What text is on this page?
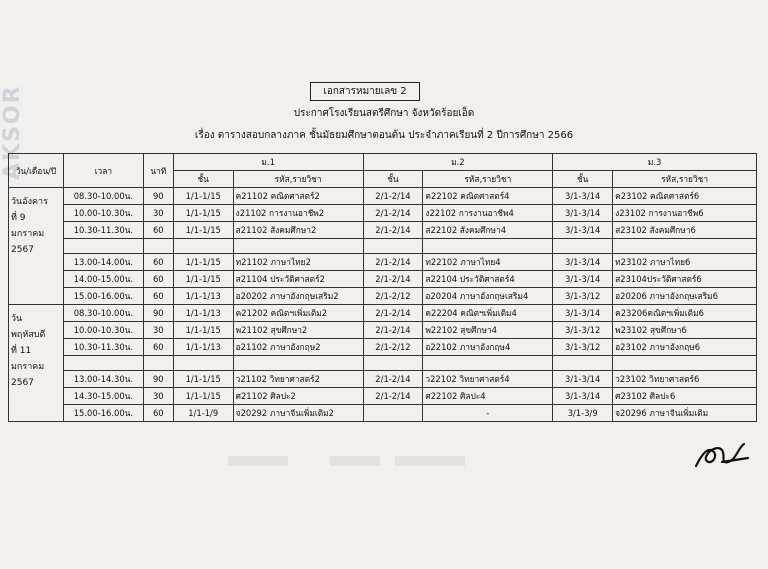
AKSOR	เอกสารหมายเลข 2
ประกาศโรงเรียนสตรีศึกษา จังหวัดร้อยเอ็ด
เรื่อง ตารางสอบกลางภาค ชั้นมัธยมศึกษาตอนต้น ประจำภาคเรียนที่ 2 ปีการศึกษา 2566
วัน/เดือน/ปี	เวลา	นาที	ม.1		ม.2		ม.3	
			ชั้น	รหัส,รายวิชา	ชั้น	รหัส,รายวิชา	ชั้น	รหัส,รายวิชา

วันอังคาร
ที่ 9
มกราคม
2567	08.30-10.00น.	90	1/1-1/15	ค21102 คณิตศาสตร์2	2/1-2/14	ค22102 คณิตศาสตร์4	3/1-3/14	ค23102 คณิตศาสตร์6
	10.00-10.30น.	30	1/1-1/15	ง21102 การงานอาชีพ2	2/1-2/14	ง22102 การงานอาชีพ4	3/1-3/14	ง23102 การงานอาชีพ6
	10.30-11.30น.	60	1/1-1/15	ส21102 สังคมศึกษา2	2/1-2/14	ส22102 สังคมศึกษา4	3/1-3/14	ส23102 สังคมศึกษา6

	13.00-14.00น.	60	1/1-1/15	ท21102 ภาษาไทย2	2/1-2/14	ท22102 ภาษาไทย4	3/1-3/14	ท23102 ภาษาไทย6
	14.00-15.00น.	60	1/1-1/15	ส21104 ประวัติศาสตร์2	2/1-2/14	ส22104 ประวัติศาสตร์4	3/1-3/14	ส23104ประวัติศาสตร์6
	15.00-16.00น.	60	1/1-1/13	อ20202 ภาษาอังกฤษเสริม2	2/1-2/12	อ20204 ภาษาอังกฤษเสริม4	3/1-3/12	อ20206 ภาษาอังกฤษเสริม6

วัน
พฤหัสบดี
ที่ 11
มกราคม
2567	08.30-10.00น.	90	1/1-1/13	ค21202 คณิตฯเพิ่มเติม2	2/1-2/14	ค22204 คณิตฯเพิ่มเติม4	3/1-3/14	ค23206คณิตฯเพิ่มเติม6
	10.00-10.30น.	30	1/1-1/15	พ21102 สุขศึกษา2	2/1-2/14	พ22102 สุขศึกษา4	3/1-3/12	พ23102 สุขศึกษา6
	10.30-11.30น.	60	1/1-1/13	อ21102 ภาษาอังกฤษ2	2/1-2/12	อ22102 ภาษาอังกฤษ4	3/1-3/12	อ23102 ภาษาอังกฤษ6

	13.00-14.30น.	90	1/1-1/15	ว21102 วิทยาศาสตร์2	2/1-2/14	ว22102 วิทยาศาสตร์4	3/1-3/14	ว23102 วิทยาศาสตร์6
	14.30-15.00น.	30	1/1-1/15	ศ21102 ศิลปะ2	2/1-2/14	ศ22102 ศิลปะ4	3/1-3/14	ศ23102 ศิลปะ6
	15.00-16.00น.	60	1/1-1/9	จ20292 ภาษาจีนเพิ่มเติม2		-	3/1-3/9	จ20296 ภาษาจีนเพิ่มเติม
